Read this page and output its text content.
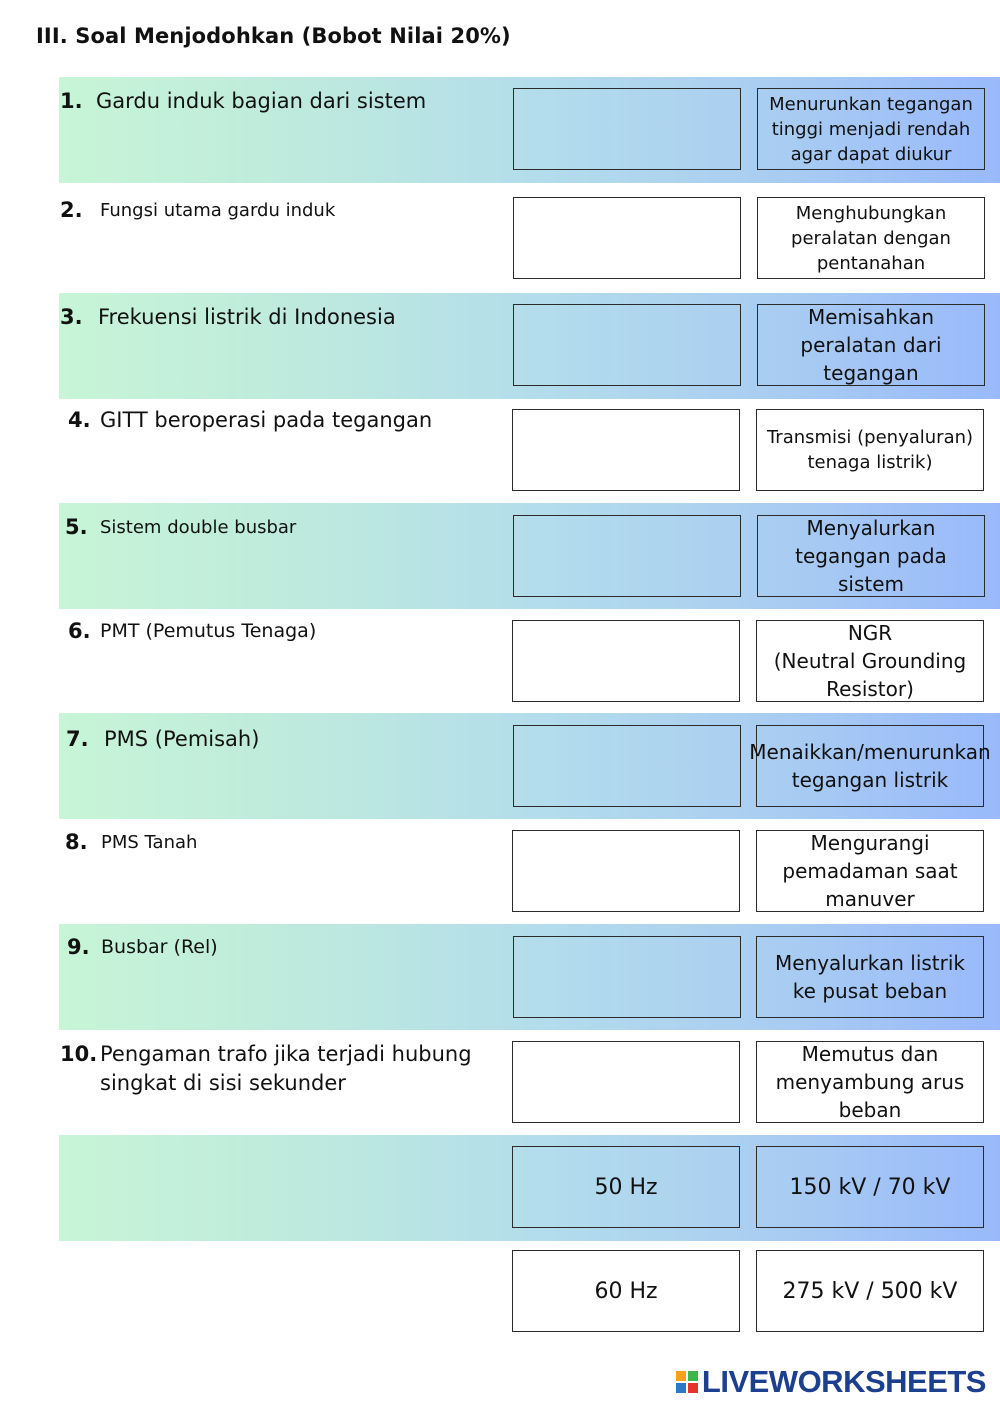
III. Soal Menjodohkan (Bobot Nilai 20%)
1. Gardu induk bagian dari sistem
2. Fungsi utama gardu induk
3. Frekuensi listrik di Indonesia
4. GITT beroperasi pada tegangan
5. Sistem double busbar
6. PMT (Pemutus Tenaga)
7. PMS (Pemisah)
8. PMS Tanah
9. Busbar (Rel)
10. Pengaman trafo jika terjadi hubung singkat di sisi sekunder
Menurunkan tegangan tinggi menjadi rendah agar dapat diukur
Menghubungkan peralatan dengan pentanahan
Memisahkan peralatan dari tegangan
Transmisi (penyaluran) tenaga listrik)
Menyalurkan tegangan pada sistem
NGR
(Neutral Grounding Resistor)
Menaikkan/menurunkan tegangan listrik
Mengurangi pemadaman saat manuver
Menyalurkan listrik ke pusat beban
Memutus dan menyambung arus beban
150 kV / 70 kV
275 kV / 500 kV
50 Hz
60 Hz
LIVEWORKSHEETS
